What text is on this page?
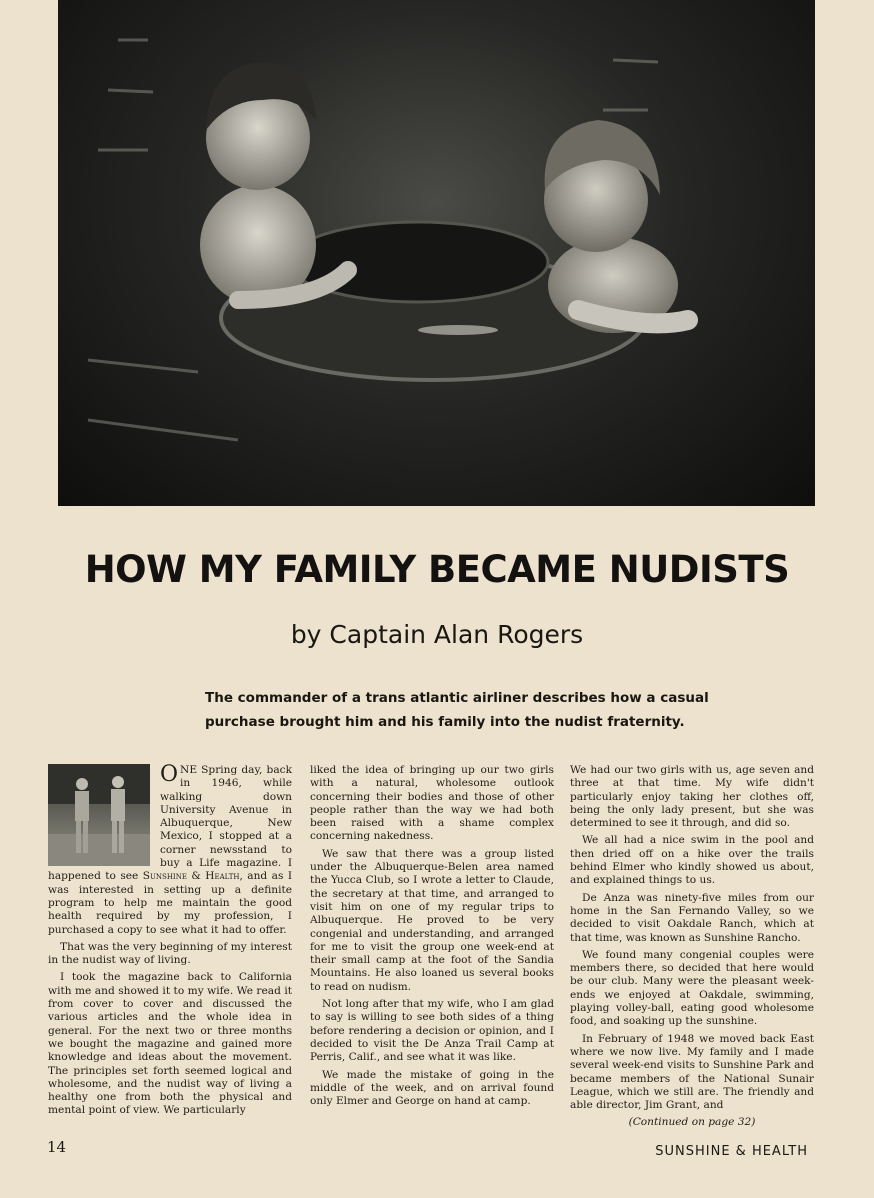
HOW MY FAMILY BECAME NUDISTS
by Captain Alan Rogers
The commander of a trans atlantic airliner describes how a casual
purchase brought him and his family into the nudist fraternity.

ONE Spring day, back in 1946, while walking down University Avenue in Albuquerque, New Mexico, I stopped at a corner newsstand to buy a Life magazine. I happened to see Sunshine & Health, and as I was interested in setting up a definite program to help me maintain the good health required by my profession, I purchased a copy to see what it had to offer.

That was the very beginning of my interest in the nudist way of living.

I took the magazine back to California with me and showed it to my wife. We read it from cover to cover and discussed the various articles and the whole idea in general. For the next two or three months we bought the magazine and gained more knowledge and ideas about the movement. The principles set forth seemed logical and wholesome, and the nudist way of living a healthy one from both the physical and mental point of view. We particularly

liked the idea of bringing up our two girls with a natural, wholesome outlook concerning their bodies and those of other people rather than the way we had both been raised with a shame complex concerning nakedness.

We saw that there was a group listed under the Albuquerque-Belen area named the Yucca Club, so I wrote a letter to Claude, the secretary at that time, and arranged to visit him on one of my regular trips to Albuquerque. He proved to be very congenial and understanding, and arranged for me to visit the group one week-end at their small camp at the foot of the Sandia Mountains. He also loaned us several books to read on nudism.

Not long after that my wife, who I am glad to say is willing to see both sides of a thing before rendering a decision or opinion, and I decided to visit the De Anza Trail Camp at Perris, Calif., and see what it was like.

We made the mistake of going in the middle of the week, and on arrival found only Elmer and George on hand at camp.

We had our two girls with us, age seven and three at that time. My wife didn't particularly enjoy taking her clothes off, being the only lady present, but she was determined to see it through, and did so.

We all had a nice swim in the pool and then dried off on a hike over the trails behind Elmer who kindly showed us about, and explained things to us.

De Anza was ninety-five miles from our home in the San Fernando Valley, so we decided to visit Oakdale Ranch, which at that time, was known as Sunshine Rancho.

We found many congenial couples were members there, so decided that here would be our club. Many were the pleasant week-ends we enjoyed at Oakdale, swimming, playing volley-ball, eating good wholesome food, and soaking up the sunshine.

In February of 1948 we moved back East where we now live. My family and I made several week-end visits to Sunshine Park and became members of the National Sunair League, which we still are. The friendly and able director, Jim Grant, and

(Continued on page 32)

14	SUNSHINE & HEALTH
